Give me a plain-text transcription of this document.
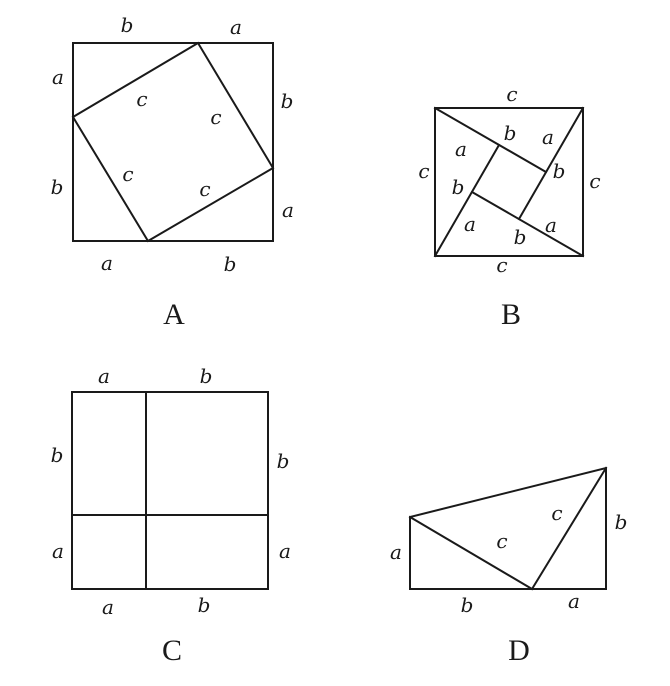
b	a
b
a
a	b
a
b
c
c
c
c
A
c
c	c
c
a
b a
b
a
b
a
b
B
a	b
b
a
b
a
a	b
C
a
b
b	a
c
c
D
